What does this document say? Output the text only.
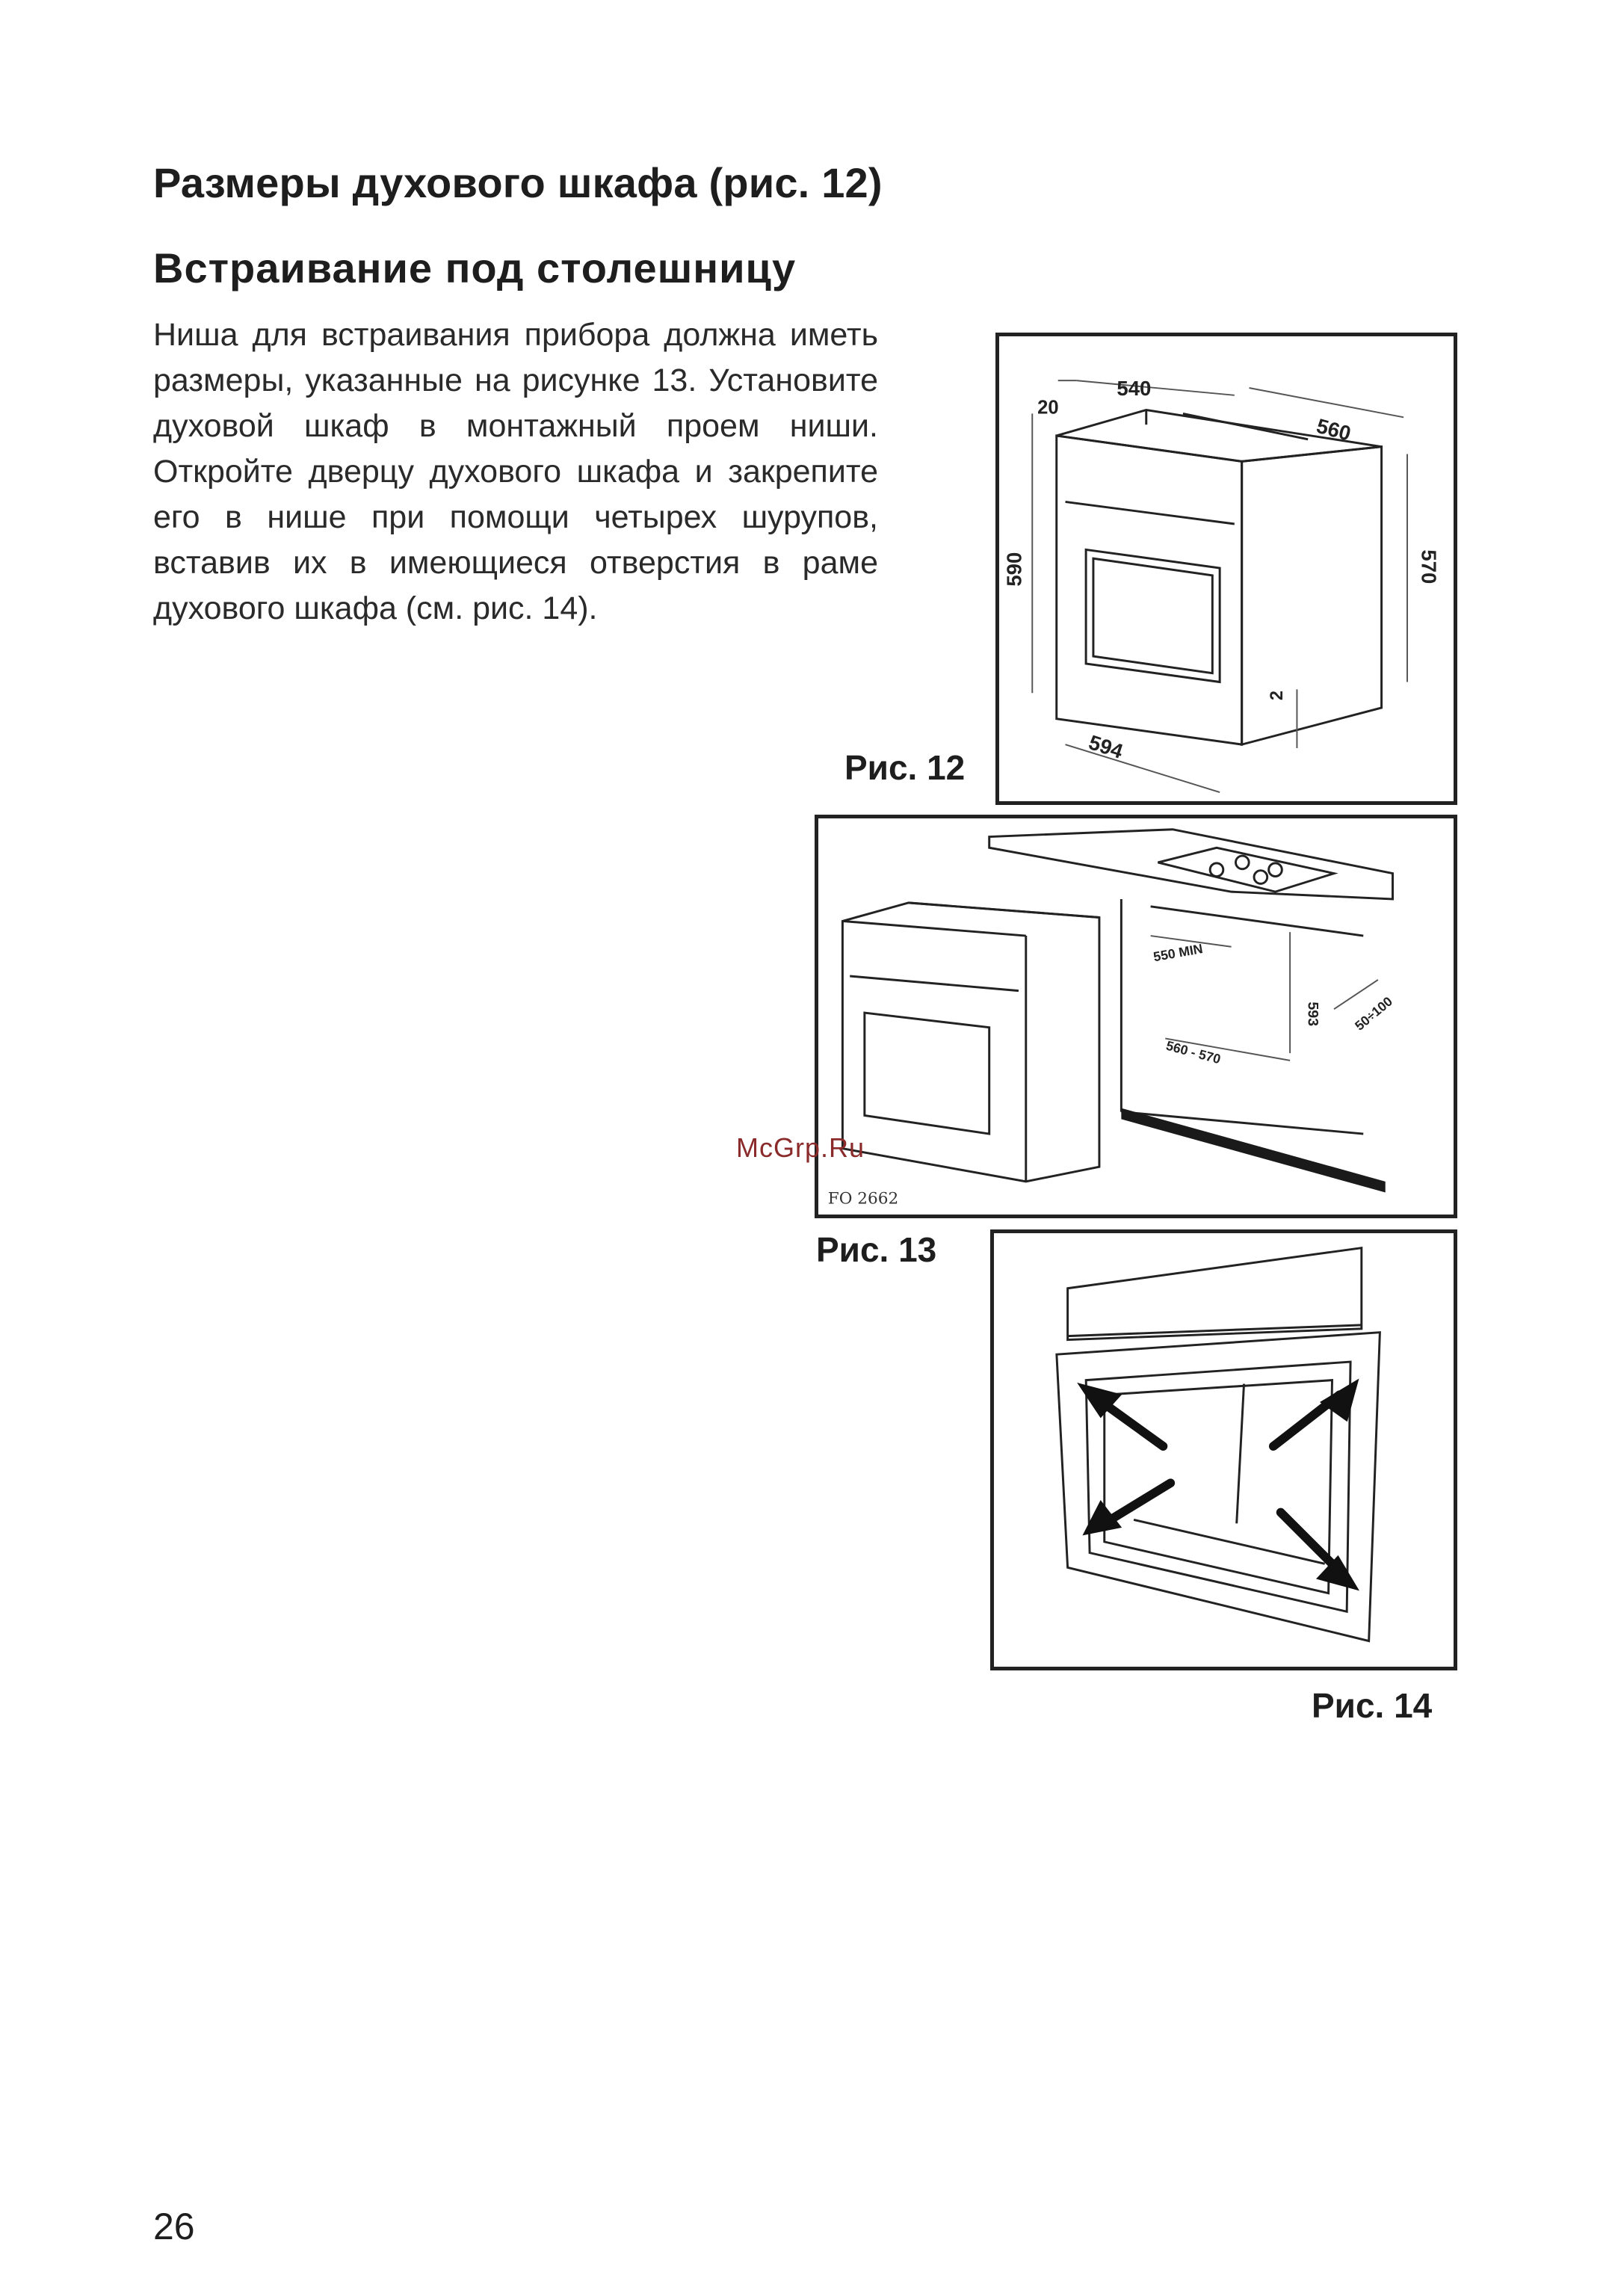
Размеры духового шкафа (рис. 12)
Встраивание под столешницу

Ниша для встраивания прибора должна иметь размеры, указанные на рисунке 13. Установите духовой шкаф в монтажный проем ниши. Откройте дверцу духового шкафа и закрепите его в нише при помощи четырех шурупов, вставив их в имеющиеся отверстия в раме духового шкафа (см. рис. 14).

20
540
560
590	570
2
594
Рис. 12
550 MIN
593 50÷100
560 - 570
FO 2662
Рис. 13
Рис. 14
McGrp.Ru
26
